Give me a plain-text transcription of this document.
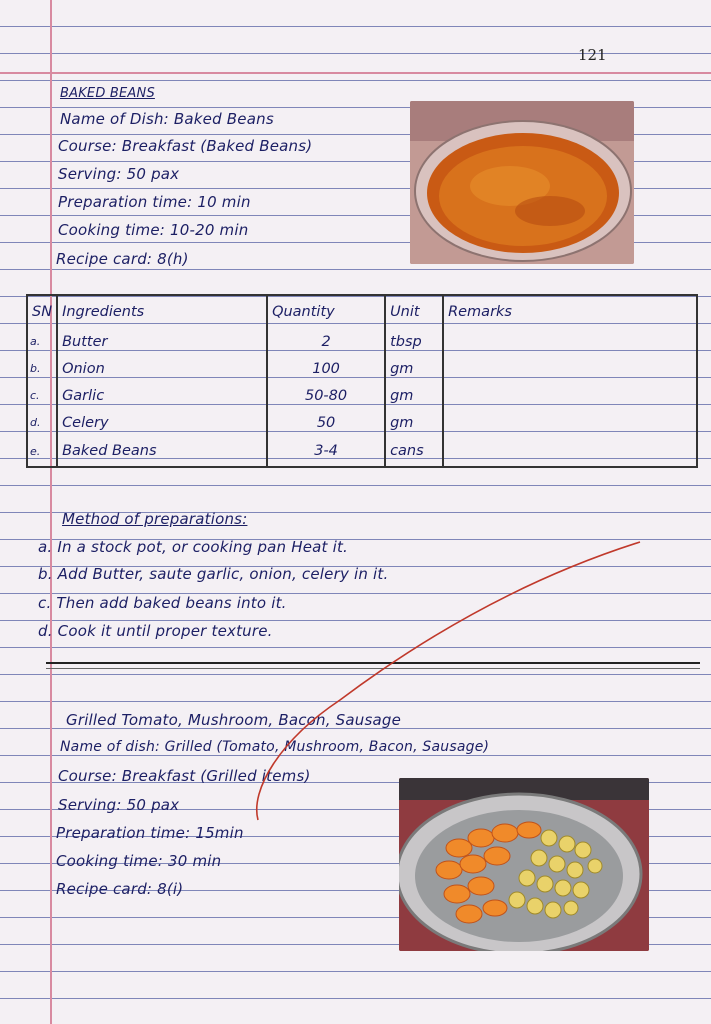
121
BAKED BEANS
Name of Dish: Baked Beans
Course: Breakfast (Baked Beans)
Serving: 50 pax
Preparation time: 10 min
Cooking time: 10-20 min
Recipe card: 8(h)
SN	Ingredients	Quantity	Unit	Remarks
a.	Butter	2	tbsp	
b.	Onion	100	gm	
c.	Garlic	50-80	gm	
d.	Celery	50	gm	
e.	Baked Beans	3-4	cans	
Method of preparations:
a. In a stock pot, or cooking pan Heat it.
b. Add Butter, saute garlic, onion, celery in it.
c. Then add baked beans into it.
d. Cook it until proper texture.
Grilled Tomato, Mushroom, Bacon, Sausage
Name of dish: Grilled (Tomato, Mushroom, Bacon, Sausage)
Course: Breakfast (Grilled items)
Serving: 50 pax
Preparation time: 15min
Cooking time: 30 min
Recipe card: 8(i)
